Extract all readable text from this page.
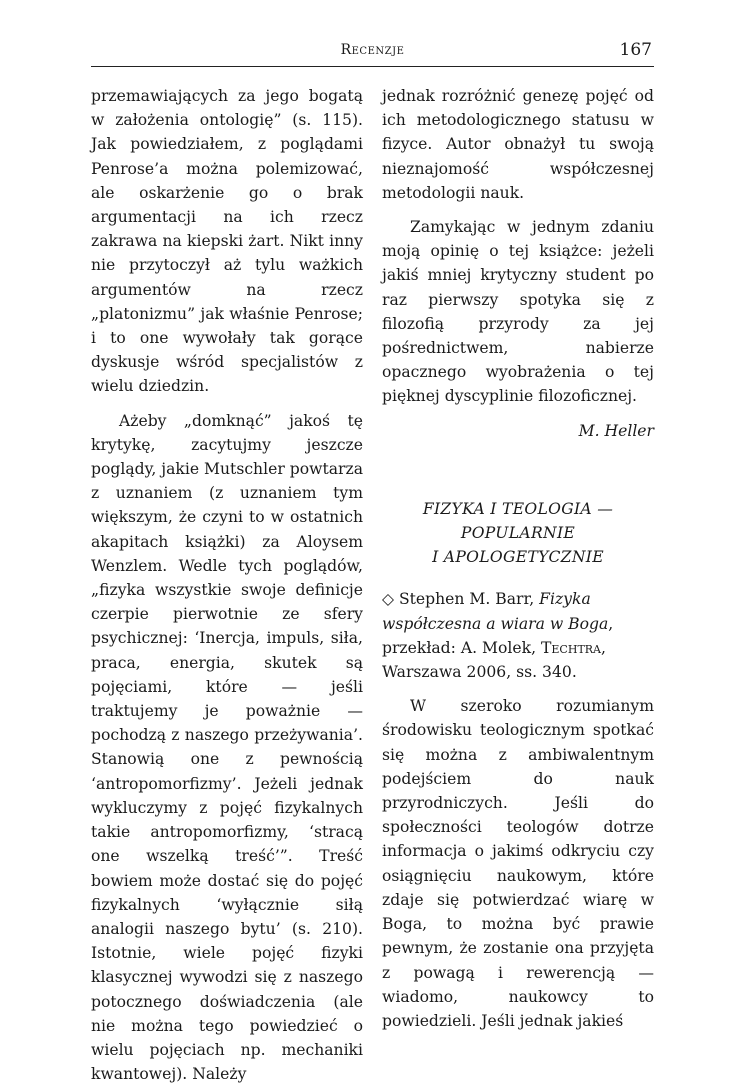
Recenzje	167

przemawiających za jego bogatą w założenia ontologię” (s. 115). Jak powiedziałem, z poglądami Penrose’a można polemizować, ale oskarżenie go o brak argumentacji na ich rzecz zakrawa na kiepski żart. Nikt inny nie przytoczył aż tylu ważkich argumentów na rzecz „platonizmu” jak właśnie Penrose; i to one wywołały tak gorące dyskusje wśród specjalistów z wielu dziedzin.

Ażeby „domknąć” jakoś tę krytykę, zacytujmy jeszcze poglądy, jakie Mutschler powtarza z uznaniem (z uznaniem tym większym, że czyni to w ostatnich akapitach książki) za Aloysem Wenzlem. Wedle tych poglądów, „fizyka wszystkie swoje definicje czerpie pierwotnie ze sfery psychicznej: ‘Inercja, impuls, siła, praca, energia, skutek są pojęciami, które — jeśli traktujemy je poważnie — pochodzą z naszego przeżywania’. Stanowią one z pewnością ‘antropomorfizmy’. Jeżeli jednak wykluczymy z pojęć fizykalnych takie antropomorfizmy, ‘stracą one wszelką treść’”. Treść bowiem może dostać się do pojęć fizykalnych ‘wyłącznie siłą analogii naszego bytu’ (s. 210). Istotnie, wiele pojęć fizyki klasycznej wywodzi się z naszego potocznego doświadczenia (ale nie można tego powiedzieć o wielu pojęciach np. mechaniki kwantowej). Należy

jednak rozróżnić genezę pojęć od ich metodologicznego statusu w fizyce. Autor obnażył tu swoją nieznajomość współczesnej metodologii nauk.

Zamykając w jednym zdaniu moją opinię o tej książce: jeżeli jakiś mniej krytyczny student po raz pierwszy spotyka się z filozofią przyrody za jej pośrednictwem, nabierze opacznego wyobrażenia o tej pięknej dyscyplinie filozoficznej.

M. Heller

FIZYKA I TEOLOGIA —
POPULARNIE
I APOLOGETYCZNIE

◇ Stephen M. Barr, Fizyka współczesna a wiara w Boga, przekład: A. Molek, Techtra, Warszawa 2006, ss. 340.

W szeroko rozumianym środowisku teologicznym spotkać się można z ambiwalentnym podejściem do nauk przyrodniczych. Jeśli do społeczności teologów dotrze informacja o jakimś odkryciu czy osiągnięciu naukowym, które zdaje się potwierdzać wiarę w Boga, to można być prawie pewnym, że zostanie ona przyjęta z powagą i rewerencją — wiadomo, naukowcy to powiedzieli. Jeśli jednak jakieś
